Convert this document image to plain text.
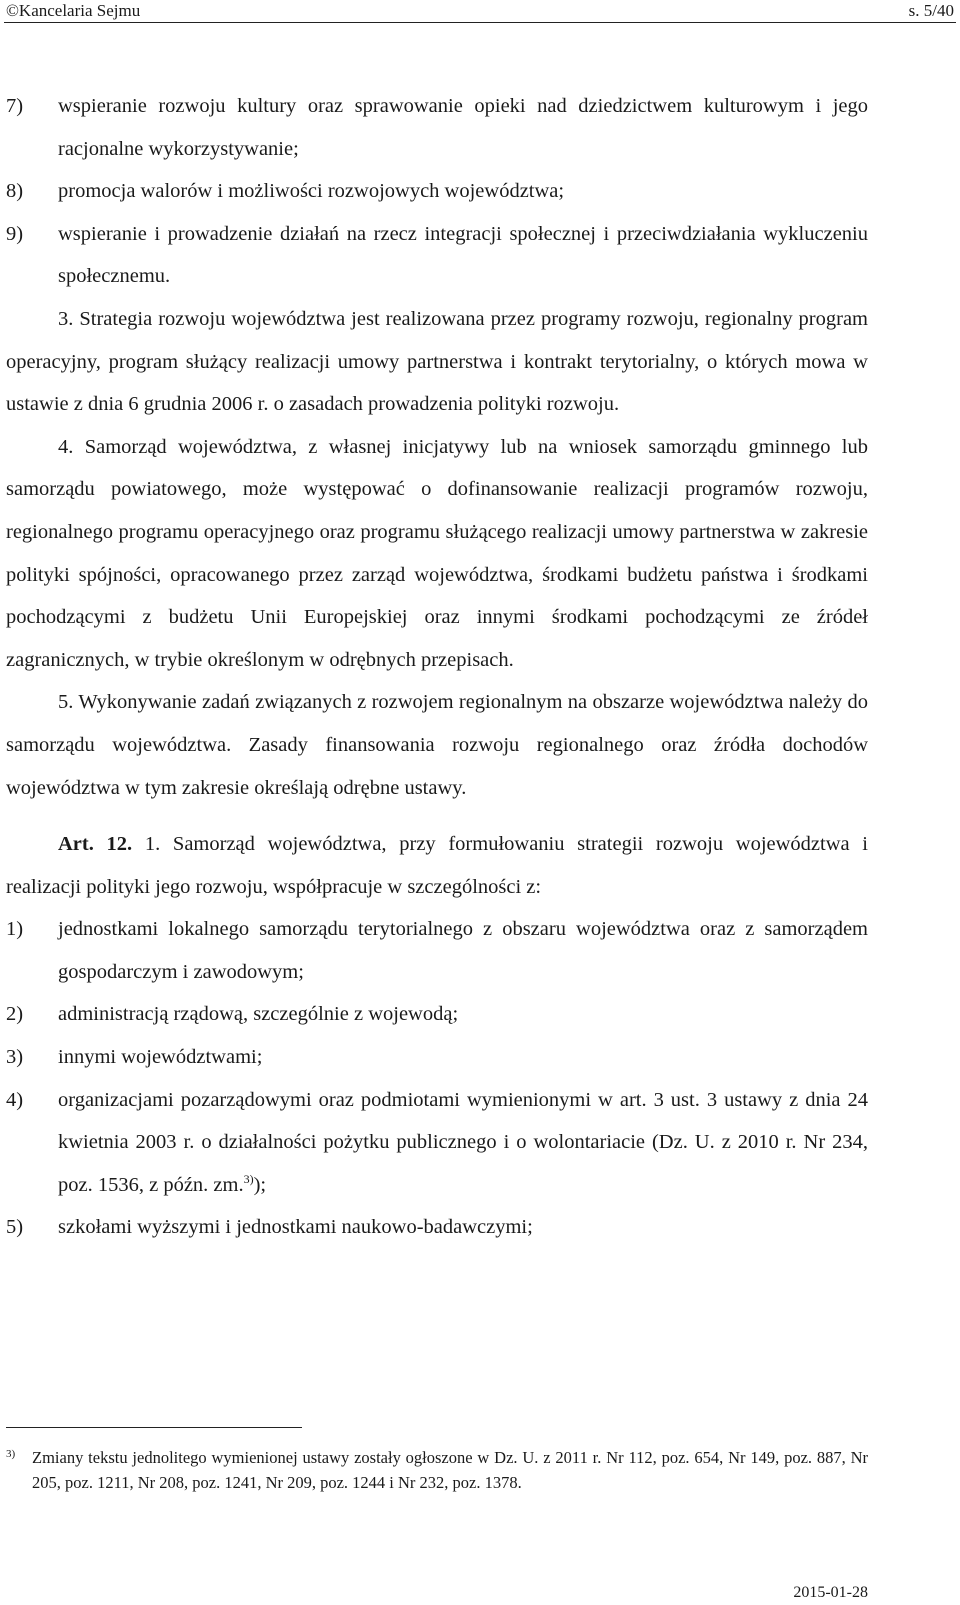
©Kancelaria Sejmu	s. 5/40
7)	wspieranie rozwoju kultury oraz sprawowanie opieki nad dziedzictwem kulturowym i jego racjonalne wykorzystywanie;
8)	promocja walorów i możliwości rozwojowych województwa;
9)	wspieranie i prowadzenie działań na rzecz integracji społecznej i przeciwdziałania wykluczeniu społecznemu.

3. Strategia rozwoju województwa jest realizowana przez programy rozwoju, regionalny program operacyjny, program służący realizacji umowy partnerstwa i kontrakt terytorialny, o których mowa w ustawie z dnia 6 grudnia 2006 r. o zasadach prowadzenia polityki rozwoju.

4. Samorząd województwa, z własnej inicjatywy lub na wniosek samorządu gminnego lub samorządu powiatowego, może występować o dofinansowanie realizacji programów rozwoju, regionalnego programu operacyjnego oraz programu służącego realizacji umowy partnerstwa w zakresie polityki spójności, opracowanego przez zarząd województwa, środkami budżetu państwa i środkami pochodzącymi z budżetu Unii Europejskiej oraz innymi środkami pochodzącymi ze źródeł zagranicznych, w trybie określonym w odrębnych przepisach.

5. Wykonywanie zadań związanych z rozwojem regionalnym na obszarze województwa należy do samorządu województwa. Zasady finansowania rozwoju regionalnego oraz źródła dochodów województwa w tym zakresie określają odrębne ustawy.

Art. 12. 1. Samorząd województwa, przy formułowaniu strategii rozwoju województwa i realizacji polityki jego rozwoju, współpracuje w szczególności z:

1)	jednostkami lokalnego samorządu terytorialnego z obszaru województwa oraz z samorządem gospodarczym i zawodowym;
2)	administracją rządową, szczególnie z wojewodą;
3)	innymi województwami;
4)	organizacjami pozarządowymi oraz podmiotami wymienionymi w art. 3 ust. 3 ustawy z dnia 24 kwietnia 2003 r. o działalności pożytku publicznego i o wolontariacie (Dz. U. z 2010 r. Nr 234, poz. 1536, z późn. zm.$^{3)}$);
5)	szkołami wyższymi i jednostkami naukowo-badawczymi;
3)	Zmiany tekstu jednolitego wymienionej ustawy zostały ogłoszone w Dz. U. z 2011 r. Nr 112, poz. 654, Nr 149, poz. 887, Nr 205, poz. 1211, Nr 208, poz. 1241, Nr 209, poz. 1244 i Nr 232, poz. 1378.
2015-01-28
